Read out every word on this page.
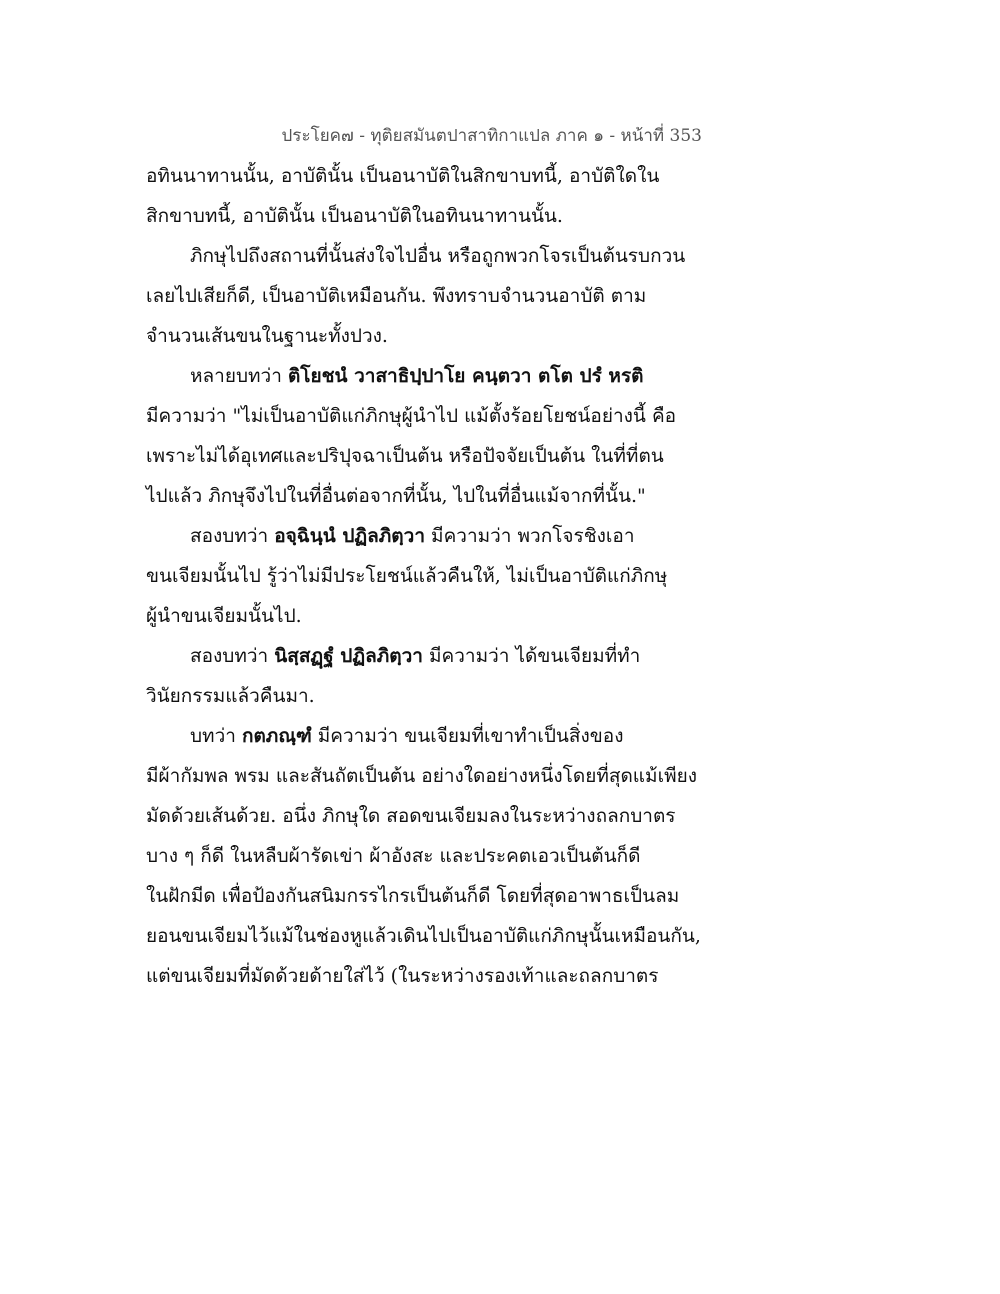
ประโยค๗ - ทุติยสมันตปาสาทิกาแปล ภาค ๑ - หน้าที่ 353
อทินนาทานนั้น, อาบัตินั้น เป็นอนาบัติในสิกขาบทนี้, อาบัติใดใน
สิกขาบทนี้, อาบัตินั้น เป็นอนาบัติในอทินนาทานนั้น.
ภิกษุไปถึงสถานที่นั้นส่งใจไปอื่น หรือถูกพวกโจรเป็นต้นรบกวน
เลยไปเสียก็ดี, เป็นอาบัติเหมือนกัน. พึงทราบจำนวนอาบัติ ตาม
จำนวนเส้นขนในฐานะทั้งปวง.
หลายบทว่า ติโยชนํ วาสาธิปฺปาโย คนฺตวา ตโต ปรํ หรติ
มีความว่า "ไม่เป็นอาบัติแก่ภิกษุผู้นำไป แม้ตั้งร้อยโยชน์อย่างนี้ คือ
เพราะไม่ได้อุเทศและปริปุจฉาเป็นต้น หรือปัจจัยเป็นต้น ในที่ที่ตน
ไปแล้ว ภิกษุจึงไปในที่อื่นต่อจากที่นั้น, ไปในที่อื่นแม้จากที่นั้น."
สองบทว่า อจฺฉินฺนํ ปฏิลภิตฺวา มีความว่า พวกโจรชิงเอา
ขนเจียมนั้นไป รู้ว่าไม่มีประโยชน์แล้วคืนให้, ไม่เป็นอาบัติแก่ภิกษุ
ผู้นำขนเจียมนั้นไป.
สองบทว่า นิสฺสฏฺฐํ ปฏิลภิตฺวา มีความว่า ได้ขนเจียมที่ทำ
วินัยกรรมแล้วคืนมา.
บทว่า กตภณฺฑํ มีความว่า ขนเจียมที่เขาทำเป็นสิ่งของ
มีผ้ากัมพล พรม และสันถัตเป็นต้น อย่างใดอย่างหนึ่งโดยที่สุดแม้เพียง
มัดด้วยเส้นด้วย. อนึ่ง ภิกษุใด สอดขนเจียมลงในระหว่างถลกบาตร
บาง ๆ ก็ดี ในหลืบผ้ารัดเข่า ผ้าอังสะ และประคตเอวเป็นต้นก็ดี
ในฝักมีด เพื่อป้องกันสนิมกรรไกรเป็นต้นก็ดี โดยที่สุดอาพาธเป็นลม
ยอนขนเจียมไว้แม้ในช่องหูแล้วเดินไปเป็นอาบัติแก่ภิกษุนั้นเหมือนกัน,
แต่ขนเจียมที่มัดด้วยด้ายใส่ไว้ (ในระหว่างรองเท้าและถลกบาตร
